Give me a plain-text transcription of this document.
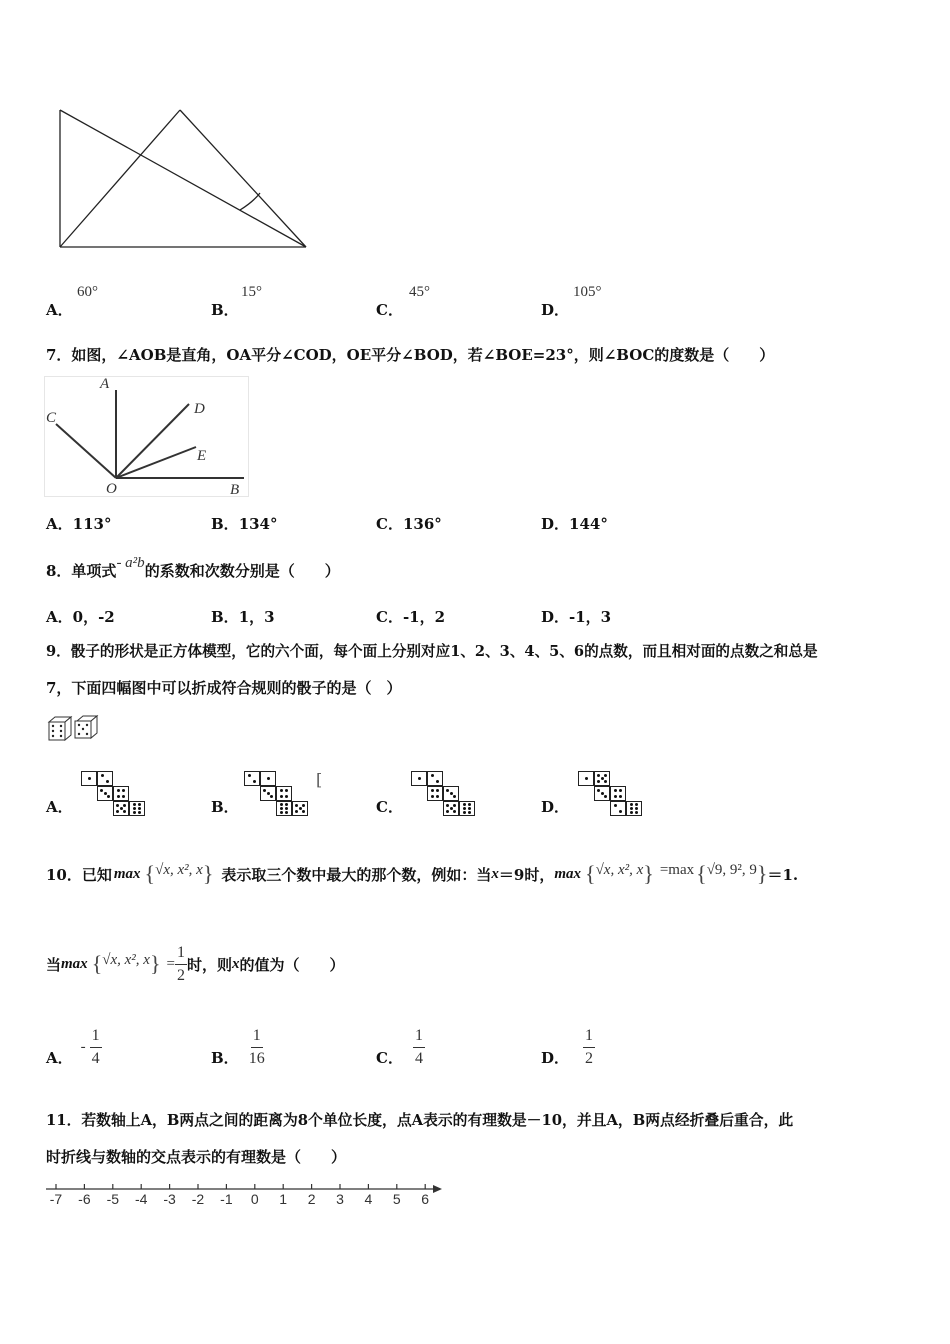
A．
60°
B．
15°
C．
45°
D．
105°
7．如图，∠AOB是直角，OA平分∠COD，OE平分∠BOD，若∠BOE=23°，则∠BOC的度数是（　　）
A
C
D
E
O	B
A．113°	B．134°	C．136°	D．144°
8．单项式- a²b的系数和次数分别是（　　）
A．0，-2	B．1，3	C．-1，2	D．-1，3
9．骰子的形状是正方体模型，它的六个面，每个面上分别对应1、2、3、4、5、6的点数，而且相对面的点数之和总是
7，下面四幅图中可以折成符合规则的骰子的是（　）
A．	B．
[
C．	D．
10．已知 max { √x, x², x } 表示取三个数中最大的那个数，例如：当 x ＝9时， max { √x, x², x } =max { √9, 9², 9 } ＝1.
当 max { √x, x², x } = $\frac{1}{2}$ 时，则 x 的值为（　　）
A．
- $\frac{1}{4}$	B． $\frac{1}{16}$	C． $\frac{1}{4}$	D． $\frac{1}{2}$
11．若数轴上A，B两点之间的距离为8个单位长度，点A表示的有理数是－10，并且A，B两点经折叠后重合，此
时折线与数轴的交点表示的有理数是（　　）
-7 -6 -5 -4 -3 -2 -1 0 1 2 3 4 5 6
